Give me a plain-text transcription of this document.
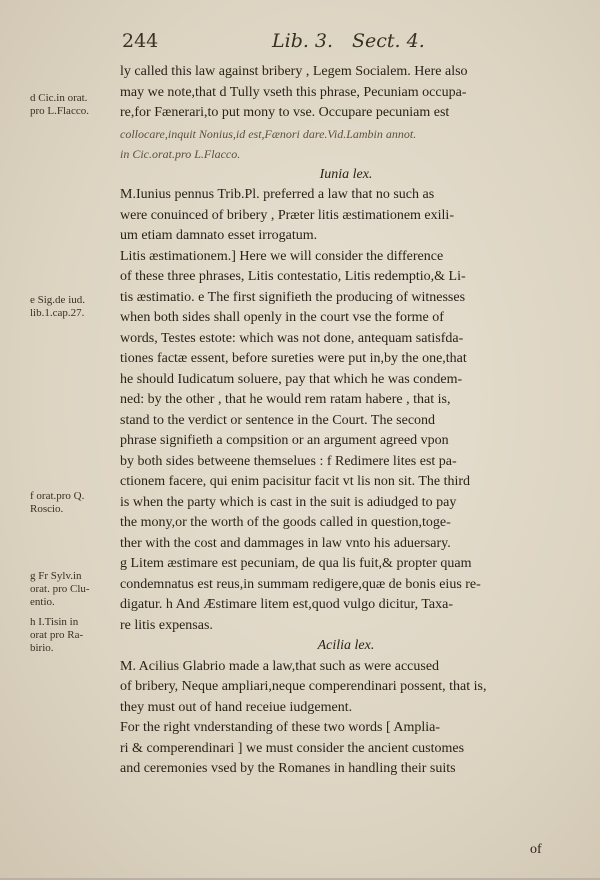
244	Lib. 3. Sect. 4.
d Cic.in orat.
pro L.Flacco.
e Sig.de iud.
lib.1.cap.27.
f orat.pro Q.
Roscio.
g Fr Sylv.in
orat. pro Clu-
entio.
h I.Tisin in
orat pro Ra-
birio.
ly called this law against bribery , Legem Socialem. Here also
may we note,that d Tully vseth this phrase, Pecuniam occupa-
re,for Fænerari,to put mony to vse. Occupare pecuniam est
collocare,inquit Nonius,id est,Fænori dare.Vid.Lambin annot.
in Cic.orat.pro L.Flacco.
Iunia lex.
M.Iunius pennus Trib.Pl. preferred a law that no such as
were conuinced of bribery , Præter litis æstimationem exili-
um etiam damnato esset irrogatum.
Litis æstimationem.] Here we will consider the difference
of these three phrases, Litis contestatio, Litis redemptio,& Li-
tis æstimatio. e The first signifieth the producing of witnesses
when both sides shall openly in the court vse the forme of
words, Testes estote: which was not done, antequam satisfda-
tiones factæ essent, before sureties were put in,by the one,that
he should Iudicatum soluere, pay that which he was condem-
ned: by the other , that he would rem ratam habere , that is,
stand to the verdict or sentence in the Court. The second
phrase signifieth a compsition or an argument agreed vpon
by both sides betweene themselues : f Redimere lites est pa-
ctionem facere, qui enim pacisitur facit vt lis non sit. The third
is when the party which is cast in the suit is adiudged to pay
the mony,or the worth of the goods called in question,toge-
ther with the cost and dammages in law vnto his aduersary.
g Litem æstimare est pecuniam, de qua lis fuit,& propter quam
condemnatus est reus,in summam redigere,quæ de bonis eius re-
digatur. h And Æstimare litem est,quod vulgo dicitur, Taxa-
re litis expensas.
Acilia lex.
M. Acilius Glabrio made a law,that such as were accused
of bribery, Neque ampliari,neque comperendinari possent, that is,
they must out of hand receiue iudgement.
For the right vnderstanding of these two words [ Amplia-
ri & comperendinari ] we must consider the ancient customes
and ceremonies vsed by the Romanes in handling their suits
of
